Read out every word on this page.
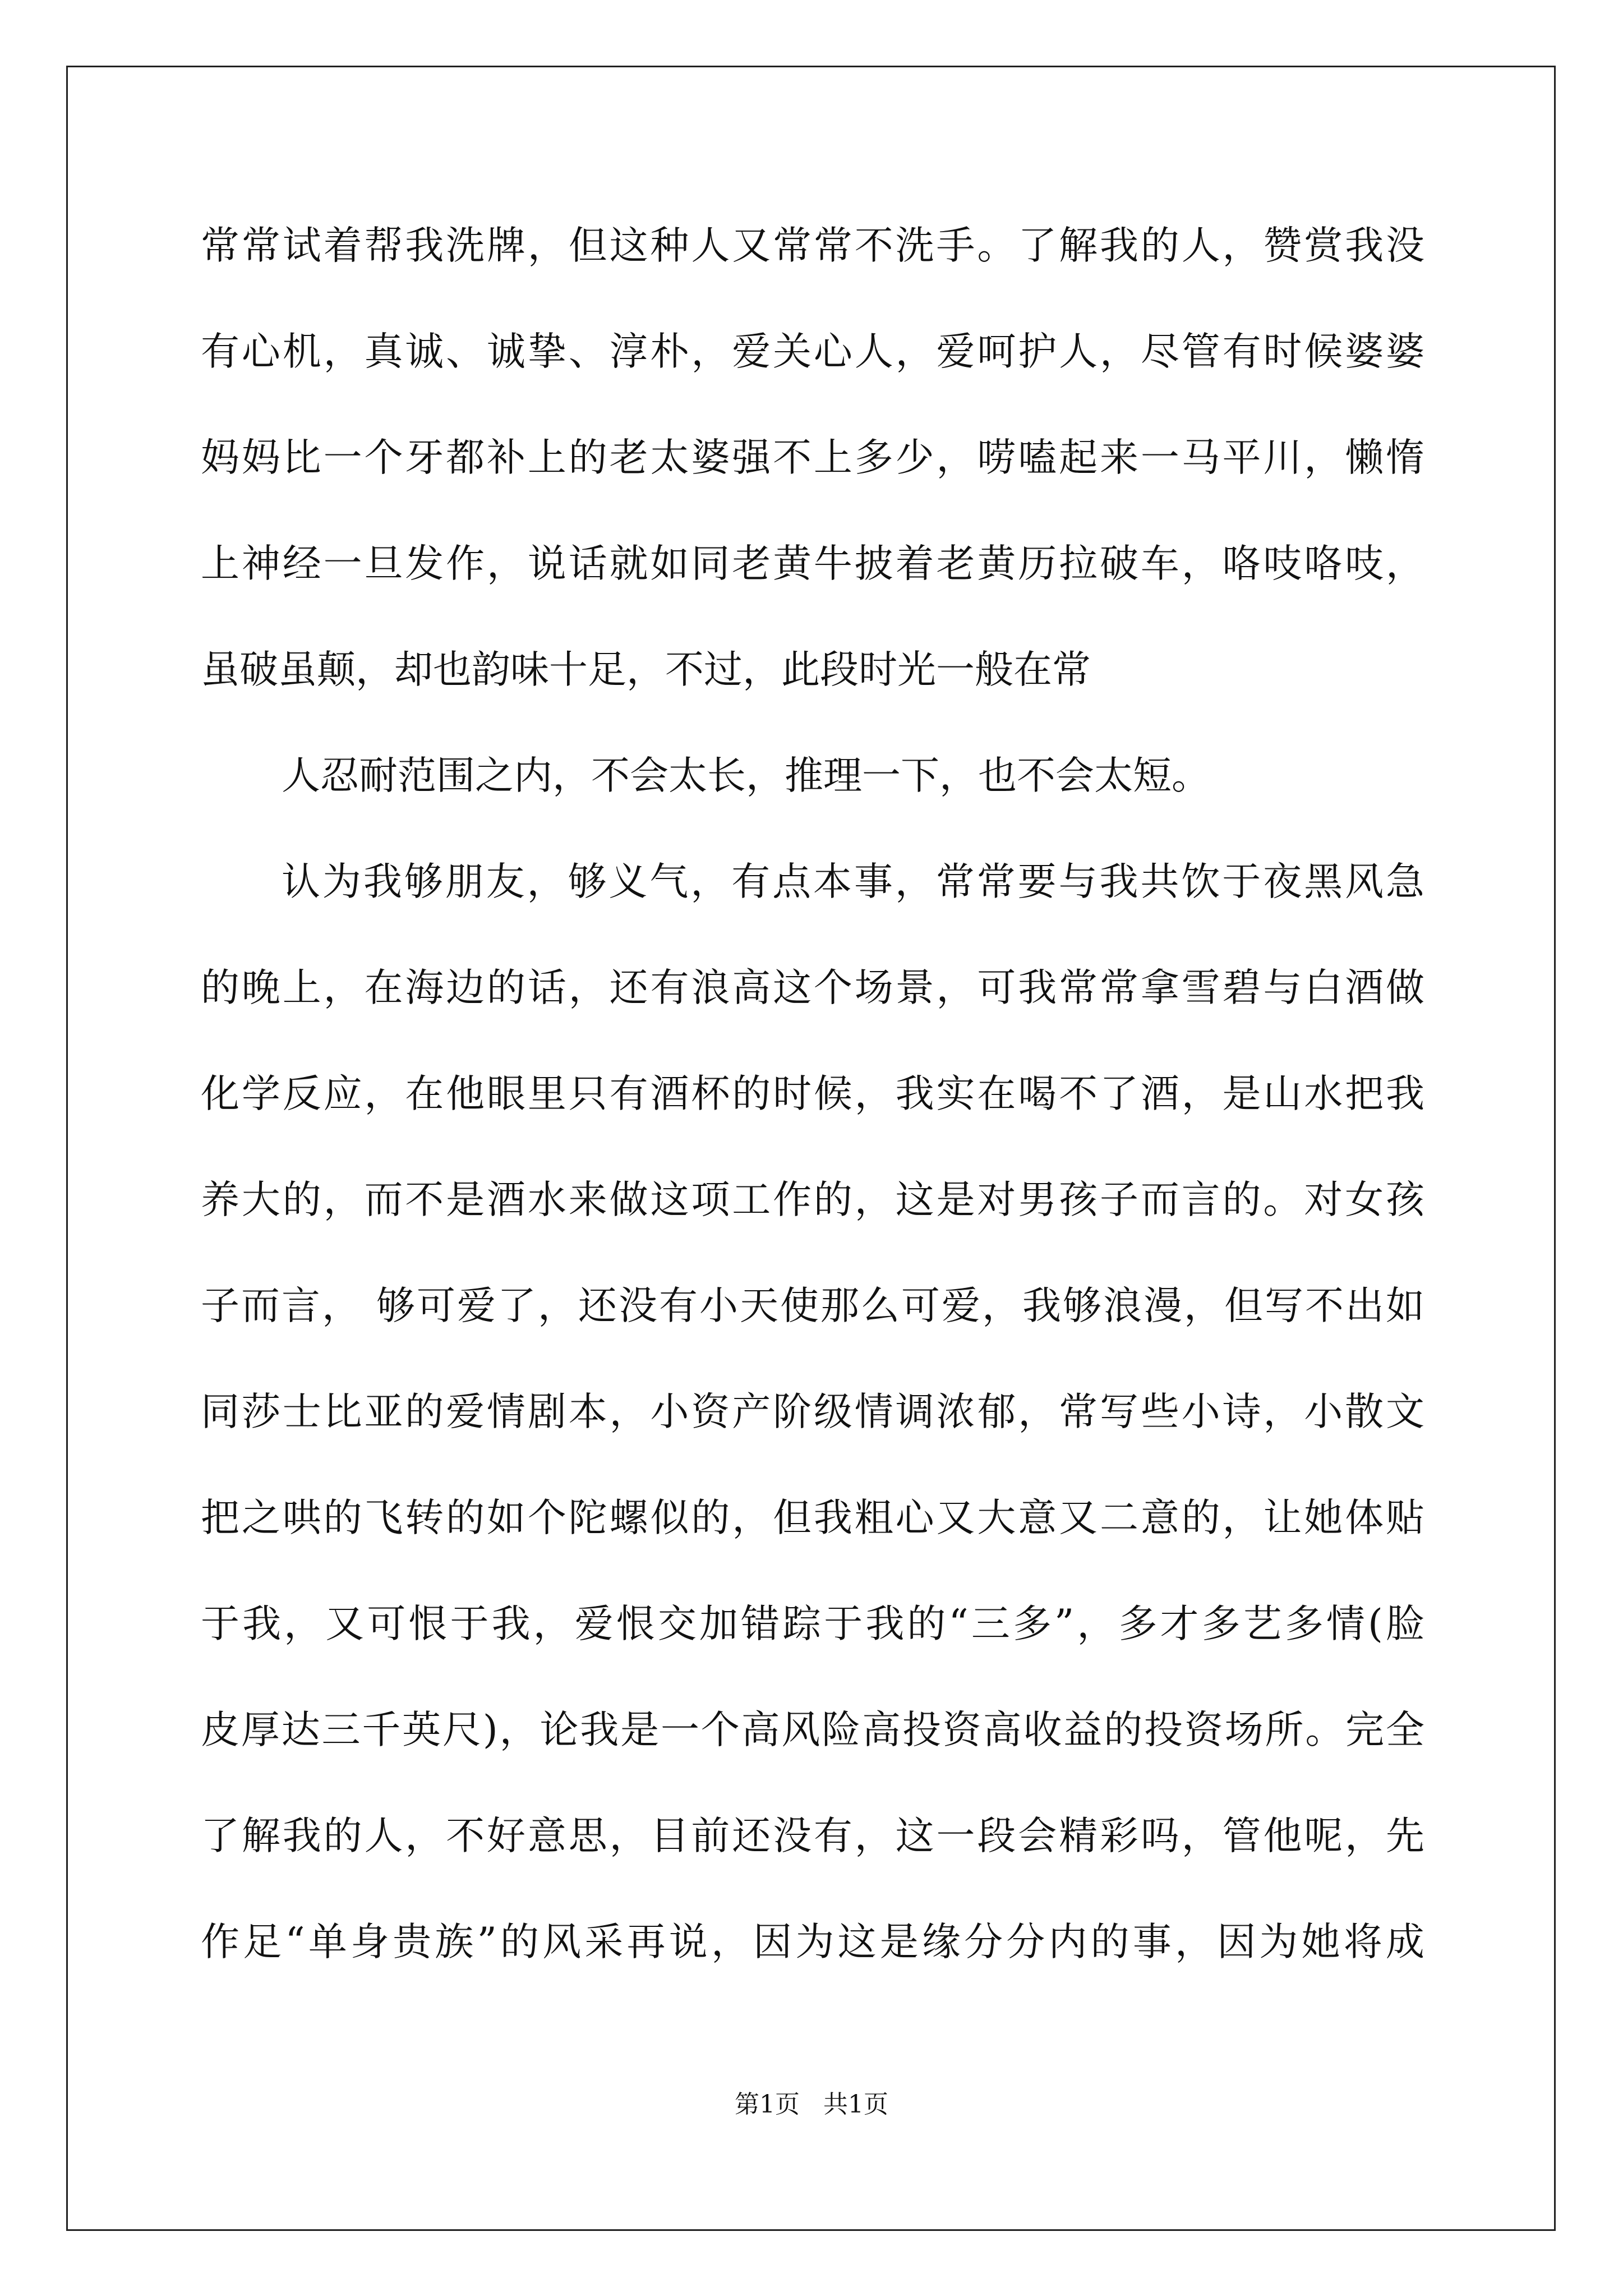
常常试着帮我洗牌，但这种人又常常不洗手。了解我的人，赞赏我没
有心机，真诚、诚挚、淳朴，爱关心人，爱呵护人，尽管有时候婆婆
妈妈比一个牙都补上的老太婆强不上多少，唠嗑起来一马平川，懒惰
上神经一旦发作，说话就如同老黄牛披着老黄历拉破车，咯吱咯吱，
虽破虽颠，却也韵味十足，不过，此段时光一般在常
人忍耐范围之内，不会太长，推理一下，也不会太短。
认为我够朋友，够义气，有点本事，常常要与我共饮于夜黑风急
的晚上，在海边的话，还有浪高这个场景，可我常常拿雪碧与白酒做
化学反应，在他眼里只有酒杯的时候，我实在喝不了酒，是山水把我
养大的，而不是酒水来做这项工作的，这是对男孩子而言的。对女孩
子而言， 够可爱了，还没有小天使那么可爱，我够浪漫，但写不出如
同莎士比亚的爱情剧本，小资产阶级情调浓郁，常写些小诗，小散文
把之哄的飞转的如个陀螺似的，但我粗心又大意又二意的，让她体贴
于我，又可恨于我，爱恨交加错踪于我的“三多”，多才多艺多情(脸
皮厚达三千英尺)，论我是一个高风险高投资高收益的投资场所。完全
了解我的人，不好意思，目前还没有，这一段会精彩吗，管他呢，先
作足“单身贵族”的风采再说，因为这是缘分分内的事，因为她将成
第1页   共1页
